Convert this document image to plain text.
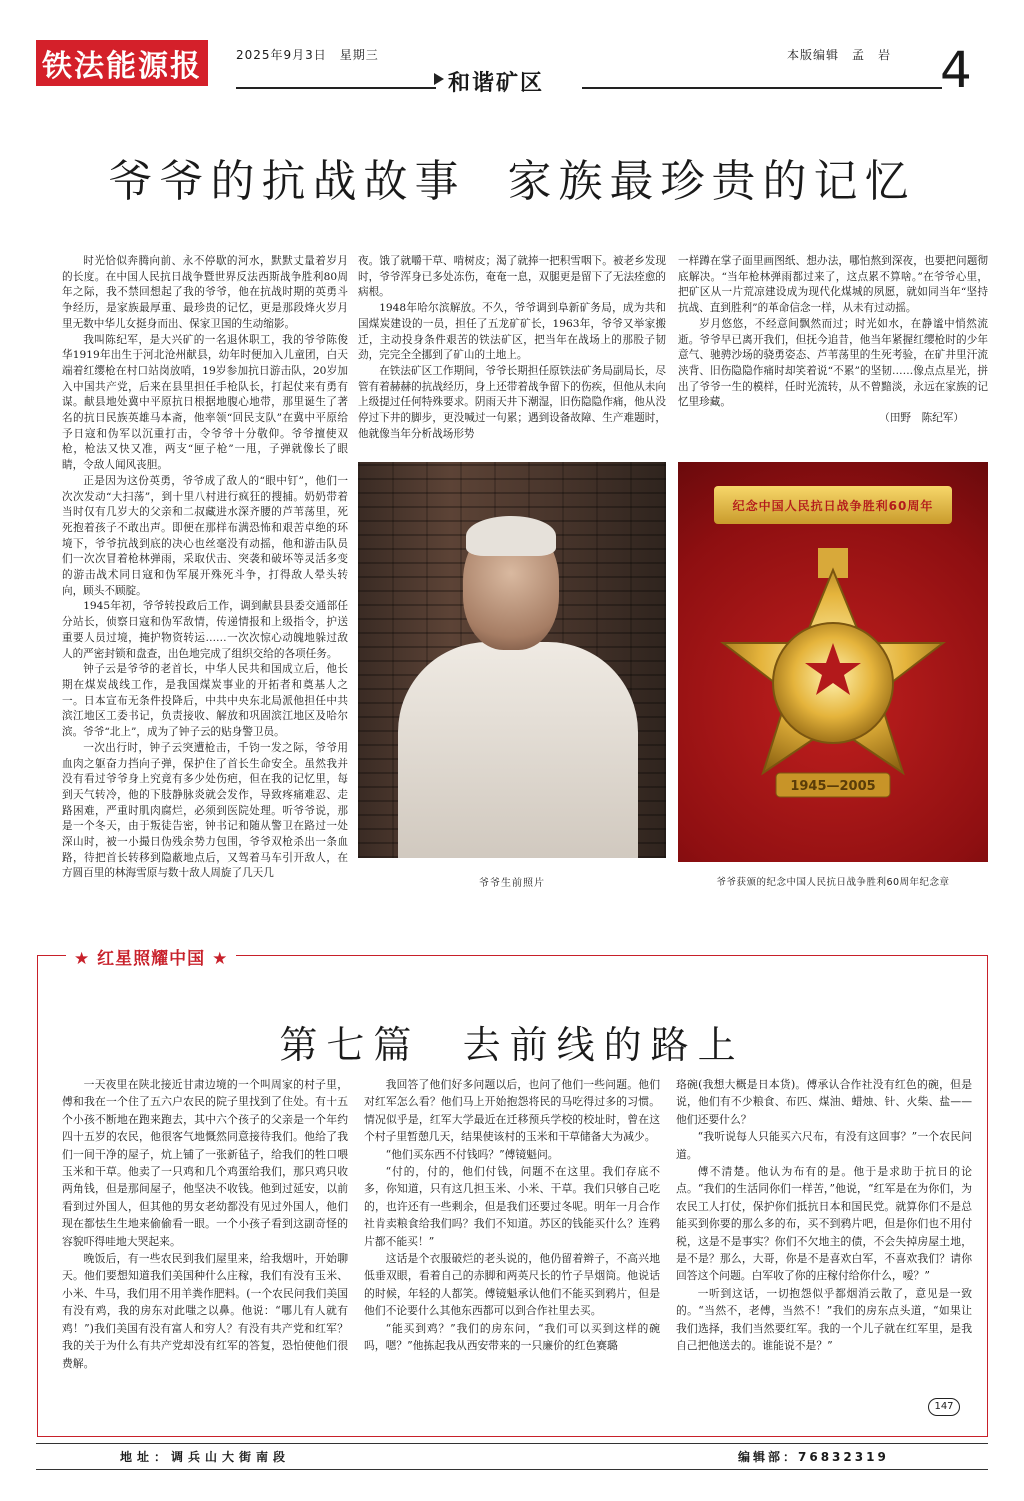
铁法能源报	2025年9月3日　星期三	本版编辑　孟　岩
和谐矿区	4
爷爷的抗战故事  家族最珍贵的记忆

时光恰似奔腾向前、永不停歇的河水，默默丈量着岁月的长度。在中国人民抗日战争暨世界反法西斯战争胜利80周年之际，我不禁回想起了我的爷爷，他在抗战时期的英勇斗争经历，是家族最厚重、最珍贵的记忆，更是那段烽火岁月里无数中华儿女挺身而出、保家卫国的生动缩影。

我叫陈纪军，是大兴矿的一名退休职工，我的爷爷陈俊华1919年出生于河北沧州献县，幼年时便加入儿童团，白天端着红缨枪在村口站岗放哨，19岁参加抗日游击队，20岁加入中国共产党，后来在县里担任手枪队长，打起仗来有勇有谋。献县地处冀中平原抗日根据地腹心地带，那里诞生了著名的抗日民族英雄马本斋，他率领“回民支队”在冀中平原给予日寇和伪军以沉重打击，令爷爷十分敬仰。爷爷擅使双枪，枪法又快又准，两支“匣子枪”一甩，子弹就像长了眼睛，令敌人闻风丧胆。

正是因为这份英勇，爷爷成了敌人的“眼中钉”，他们一次次发动“大扫荡”，到十里八村进行疯狂的搜捕。奶奶带着当时仅有几岁大的父亲和二叔藏进水深齐腰的芦苇荡里，死死抱着孩子不敢出声。即便在那样布满恐怖和艰苦卓绝的环境下，爷爷抗战到底的决心也丝毫没有动摇，他和游击队员们一次次冒着枪林弹雨，采取伏击、突袭和破坏等灵活多变的游击战术同日寇和伪军展开殊死斗争，打得敌人晕头转向，顾头不顾腚。

1945年初，爷爷转投政后工作，调到献县县委交通部任分站长，侦察日寇和伪军敌情，传递情报和上级指令，护送重要人员过境，掩护物资转运……一次次惊心动魄地躲过敌人的严密封锁和盘查，出色地完成了组织交给的各项任务。

钟子云是爷爷的老首长，中华人民共和国成立后，他长期在煤炭战线工作，是我国煤炭事业的开拓者和奠基人之一。日本宣布无条件投降后，中共中央东北局派他担任中共滨江地区工委书记，负责接收、解放和巩固滨江地区及哈尔滨。爷爷“北上”，成为了钟子云的贴身警卫员。

一次出行时，钟子云突遭枪击，千钧一发之际，爷爷用血肉之躯奋力挡向子弹，保护住了首长生命安全。虽然我并没有看过爷爷身上究竟有多少处伤疤，但在我的记忆里，每到天气转冷，他的下肢静脉炎就会发作，导致疼痛难忍、走路困难，严重时肌肉腐烂，必须到医院处理。听爷爷说，那是一个冬天，由于叛徒告密，钟书记和随从警卫在路过一处深山时，被一小撮日伪残余势力包围，爷爷双枪杀出一条血路，待把首长转移到隐蔽地点后，又驾着马车引开敌人，在方圆百里的林海雪原与数十敌人周旋了几天几

夜。饿了就嚼干草、啃树皮；渴了就捧一把积雪咽下。被老乡发现时，爷爷浑身已多处冻伤，奄奄一息，双腿更是留下了无法痊愈的病根。

1948年哈尔滨解放。不久，爷爷调到阜新矿务局，成为共和国煤炭建设的一员，担任了五龙矿矿长，1963年，爷爷又举家搬迁，主动投身条件艰苦的铁法矿区，把当年在战场上的那股子韧劲，完完全全挪到了矿山的土地上。

在铁法矿区工作期间，爷爷长期担任原铁法矿务局副局长，尽管有着赫赫的抗战经历，身上还带着战争留下的伤疾，但他从未向上级提过任何特殊要求。阴雨天井下潮湿，旧伤隐隐作痛，他从没停过下井的脚步，更没喊过一句累；遇到设备故障、生产难题时，他就像当年分析战场形势

一样蹲在掌子面里画图纸、想办法，哪怕熬到深夜，也要把问题彻底解决。“当年枪林弹雨都过来了，这点累不算啥。”在爷爷心里，把矿区从一片荒凉建设成为现代化煤城的夙愿，就如同当年“坚持抗战、直到胜利”的革命信念一样，从未有过动摇。

岁月悠悠，不经意间飘然而过；时光如水，在静谧中悄然流逝。爷爷早已离开我们，但抚今追昔，他当年紧握红缨枪时的少年意气、驰骋沙场的骁勇姿态、芦苇荡里的生死考验，在矿井里汗流浃背、旧伤隐隐作痛时却笑着说“不累”的坚韧……像点点星光，拼出了爷爷一生的模样，任时光流转，从不曾黯淡，永远在家族的记忆里珍藏。

（田野　陈纪军）

爷爷生前照片
纪念中国人民抗日战争胜利60周年
1945—2005
爷爷获颁的纪念中国人民抗日战争胜利60周年纪念章
★ 红星照耀中国 ★
第七篇  去前线的路上

一天夜里在陕北接近甘肃边境的一个叫周家的村子里，傅和我在一个住了五六户农民的院子里找到了住处。有十五个小孩不断地在跑来跑去，其中六个孩子的父亲是一个年约四十五岁的农民，他很客气地慨然同意接待我们。他给了我们一间干净的屋子，炕上铺了一张新毡子，给我们的牲口喂玉米和干草。他卖了一只鸡和几个鸡蛋给我们，那只鸡只收两角钱，但是那间屋子，他坚决不收钱。他到过延安，以前看到过外国人，但其他的男女老幼都没有见过外国人，他们现在都怯生生地来偷偷看一眼。一个小孩子看到这副奇怪的容貌吓得哇地大哭起来。

晚饭后，有一些农民到我们屋里来，给我烟叶，开始聊天。他们要想知道我们美国种什么庄稼，我们有没有玉米、小米、牛马，我们用不用羊粪作肥料。(一个农民问我们美国有没有鸡，我的房东对此嗤之以鼻。他说：“哪儿有人就有鸡！”)我们美国有没有富人和穷人？有没有共产党和红军？我的关于为什么有共产党却没有红军的答复，恐怕使他们很费解。

我回答了他们好多问题以后，也问了他们一些问题。他们对红军怎么看？他们马上开始抱怨将民的马吃得过多的习惯。情况似乎是，红军大学最近在迁移预兵学校的校址时，曾在这个村子里暂憩几天，结果使该村的玉米和干草储备大为减少。

“他们买东西不付钱吗？”傅镜魁问。

“付的，付的，他们付钱，问题不在这里。我们存底不多，你知道，只有这几担玉米、小米、干草。我们只够自己吃的，也许还有一些剩余，但是我们还要过冬呢。明年一月合作社肯卖粮食给我们吗？我们不知道。苏区的钱能买什么？连鸦片都不能买！”

这话是个衣服破烂的老头说的，他仍留着辫子，不高兴地低垂双眼，看着自己的赤脚和两英尺长的竹子旱烟筒。他说话的时候，年轻的人都笑。傅镜魁承认他们不能买到鸦片，但是他们不论要什么其他东西都可以到合作社里去买。

“能买到鸡？”我们的房东问，“我们可以买到这样的碗吗，嗯？”他拣起我从西安带来的一只廉价的红色赛璐

珞碗(我想大概是日本货)。傅承认合作社没有红色的碗，但是说，他们有不少粮食、布匹、煤油、蜡烛、针、火柴、盐——他们还要什么？

“我听说每人只能买六尺布，有没有这回事？”一个农民问道。

傅不清楚。他认为布有的是。他于是求助于抗日的论点。“我们的生活同你们一样苦，”他说，“红军是在为你们，为农民工人打仗，保护你们抵抗日本和国民党。就算你们不是总能买到你要的那么多的布，买不到鸦片吧，但是你们也不用付税，这是不是事实？你们不欠地主的债，不会失掉房屋土地，是不是？那么，大哥，你是不是喜欢白军，不喜欢我们？请你回答这个问题。白军收了你的庄稼付给你什么，嗳？”

一听到这话，一切抱怨似乎都烟消云散了，意见是一致的。“当然不，老傅，当然不！”我们的房东点头道，“如果让我们选择，我们当然要红军。我的一个儿子就在红军里，是我自己把他送去的。谁能说不是？”

147
地址：调兵山大街南段	编辑部：76832319
